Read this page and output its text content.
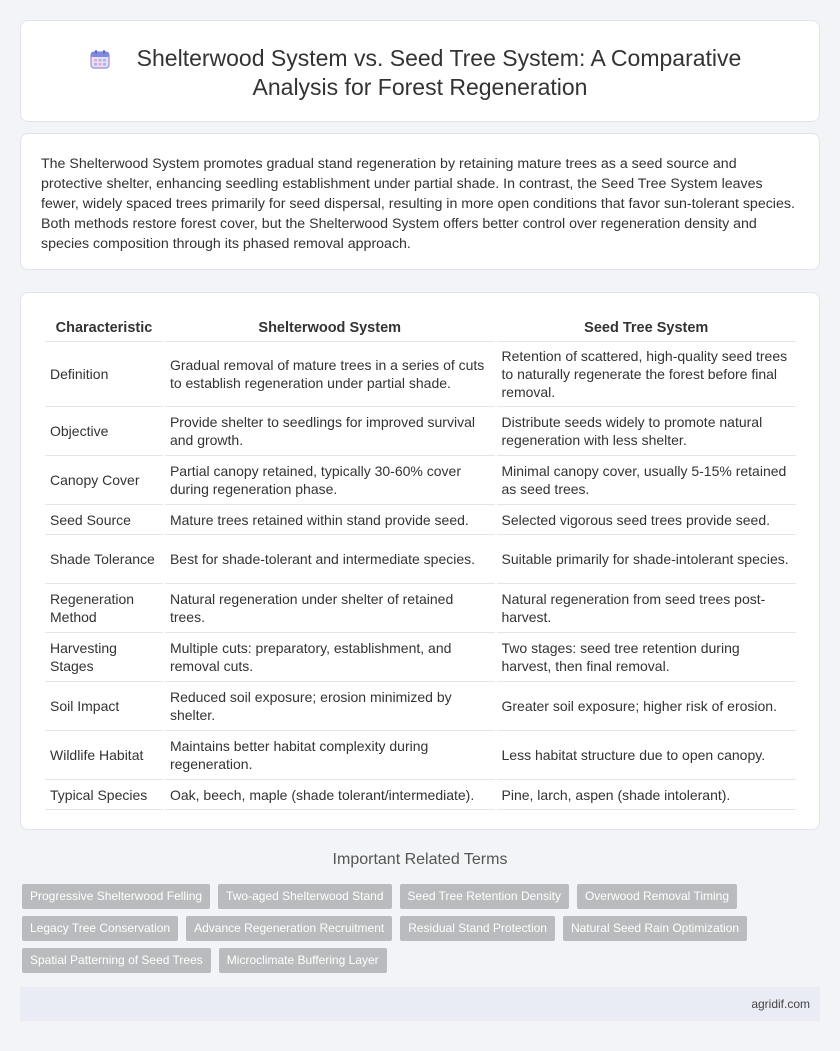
Shelterwood System vs. Seed Tree System: A Comparative
Analysis for Forest Regeneration

The Shelterwood System promotes gradual stand regeneration by retaining mature trees as a seed source and protective shelter, enhancing seedling establishment under partial shade. In contrast, the Seed Tree System leaves fewer, widely spaced trees primarily for seed dispersal, resulting in more open conditions that favor sun-tolerant species. Both methods restore forest cover, but the Shelterwood System offers better control over regeneration density and species composition through its phased removal approach.

Characteristic	Shelterwood System	Seed Tree System
Definition	Gradual removal of mature trees in a series of cuts to establish regeneration under partial shade.	Retention of scattered, high-quality seed trees to naturally regenerate the forest before final removal.
Objective	Provide shelter to seedlings for improved survival and growth.	Distribute seeds widely to promote natural regeneration with less shelter.
Canopy Cover	Partial canopy retained, typically 30-60% cover during regeneration phase.	Minimal canopy cover, usually 5-15% retained as seed trees.
Seed Source	Mature trees retained within stand provide seed.	Selected vigorous seed trees provide seed.
Shade Tolerance	Best for shade-tolerant and intermediate species.	Suitable primarily for shade-intolerant species.
Regeneration Method	Natural regeneration under shelter of retained trees.	Natural regeneration from seed trees post-harvest.
Harvesting Stages	Multiple cuts: preparatory, establishment, and removal cuts.	Two stages: seed tree retention during harvest, then final removal.
Soil Impact	Reduced soil exposure; erosion minimized by shelter.	Greater soil exposure; higher risk of erosion.
Wildlife Habitat	Maintains better habitat complexity during regeneration.	Less habitat structure due to open canopy.
Typical Species	Oak, beech, maple (shade tolerant/intermediate).	Pine, larch, aspen (shade intolerant).
Important Related Terms
Progressive Shelterwood Felling	Two-aged Shelterwood Stand	Seed Tree Retention Density	Overwood Removal Timing
Legacy Tree Conservation	Advance Regeneration Recruitment	Residual Stand Protection	Natural Seed Rain Optimization
Spatial Patterning of Seed Trees	Microclimate Buffering Layer
agridif.com
